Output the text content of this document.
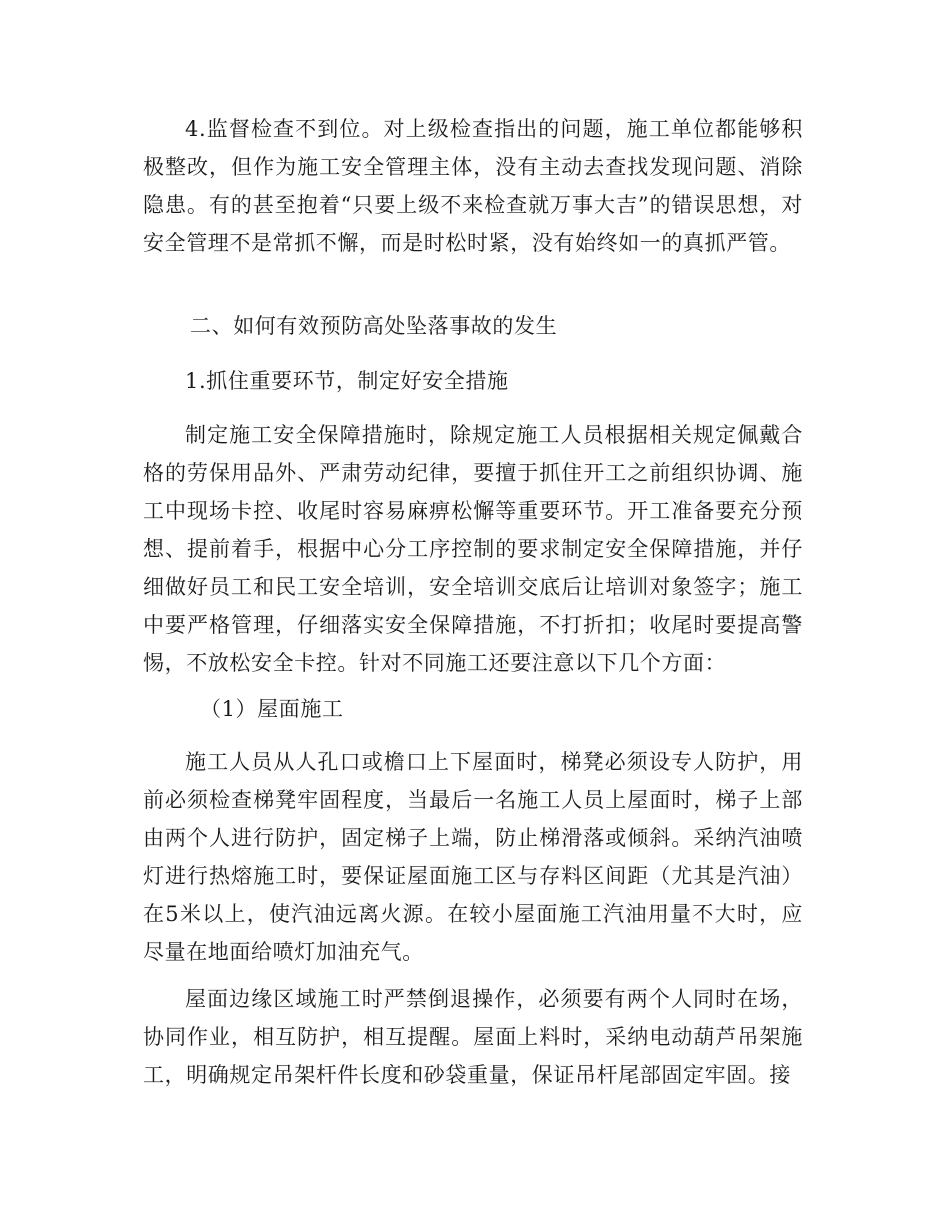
4.监督检查不到位。对上级检查指出的问题，施工单位都能够积极整改，但作为施工安全管理主体，没有主动去查找发现问题、消除隐患。有的甚至抱着“只要上级不来检查就万事大吉”的错误思想，对安全管理不是常抓不懈，而是时松时紧，没有始终如一的真抓严管。

二、如何有效预防高处坠落事故的发生
1.抓住重要环节，制定好安全措施

制定施工安全保障措施时，除规定施工人员根据相关规定佩戴合格的劳保用品外、严肃劳动纪律，要擅于抓住开工之前组织协调、施工中现场卡控、收尾时容易麻痹松懈等重要环节。开工准备要充分预想、提前着手，根据中心分工序控制的要求制定安全保障措施，并仔细做好员工和民工安全培训，安全培训交底后让培训对象签字；施工中要严格管理，仔细落实安全保障措施，不打折扣；收尾时要提高警惕，不放松安全卡控。针对不同施工还要注意以下几个方面：

（1）屋面施工

施工人员从人孔口或檐口上下屋面时，梯凳必须设专人防护，用前必须检查梯凳牢固程度，当最后一名施工人员上屋面时，梯子上部由两个人进行防护，固定梯子上端，防止梯滑落或倾斜。采纳汽油喷灯进行热熔施工时，要保证屋面施工区与存料区间距（尤其是汽油）在5米以上，使汽油远离火源。在较小屋面施工汽油用量不大时，应尽量在地面给喷灯加油充气。

屋面边缘区域施工时严禁倒退操作，必须要有两个人同时在场，协同作业，相互防护，相互提醒。屋面上料时，采纳电动葫芦吊架施工，明确规定吊架杆件长度和砂袋重量，保证吊杆尾部固定牢固。接
